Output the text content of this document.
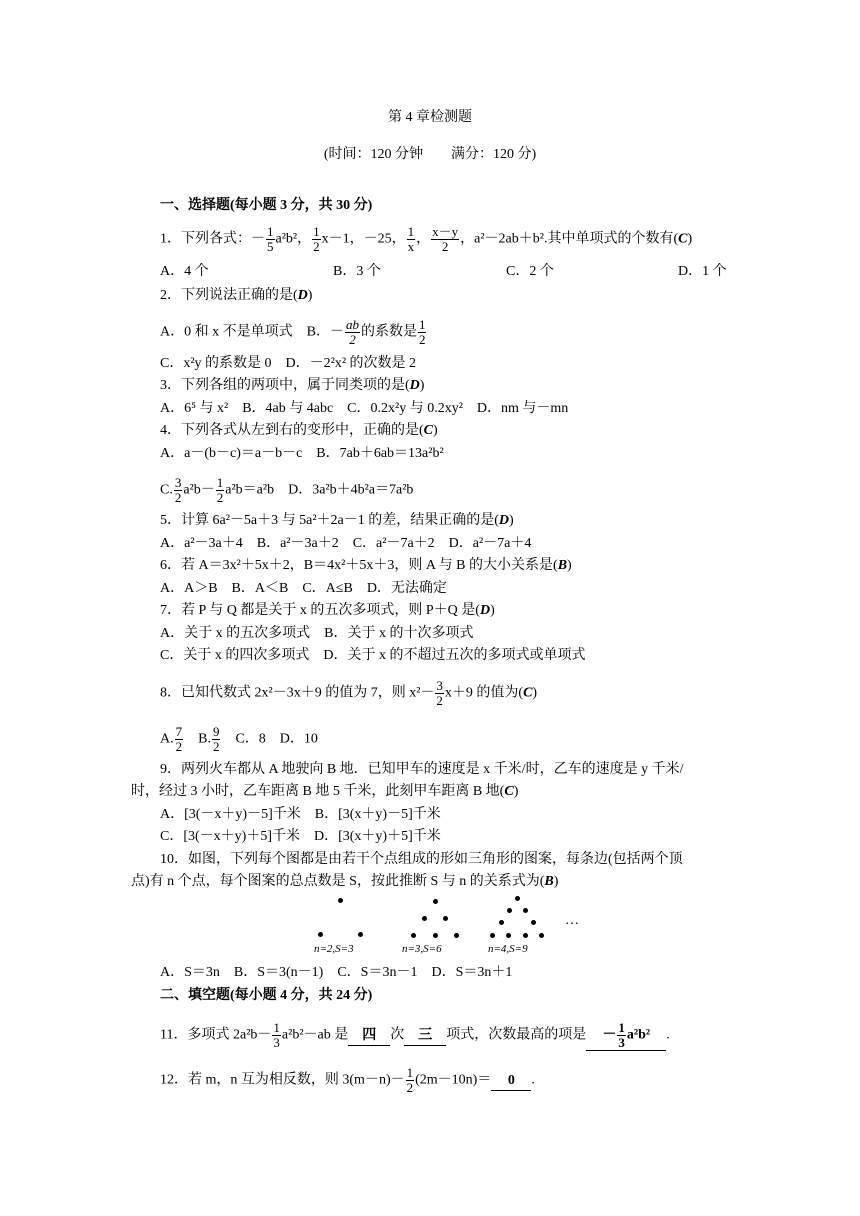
第 4 章检测题
(时间：120 分钟　　满分：120 分)
一、选择题(每小题 3 分，共 30 分)
1．下列各式：－ $\frac{1}{5} a^2b^2$， $\frac{1}{2} x-1$，－25， $\frac{1}{x}$ ， $\frac{x-y}{2}$ ，a²－2ab＋b².其中单项式的个数有(C)
A．4 个	B．3 个	C．2 个	D．1 个
2．下列说法正确的是(D)
A．0 和 x 不是单项式　B．－ $\frac{ab}{2}$ 的系数是 $\frac{1}{2}$
C．x²y 的系数是 0　D．－2²x² 的次数是 2
3．下列各组的两项中，属于同类项的是(D)
A．6⁵ 与 x²　B．4ab 与 4abc　C．0.2x²y 与 0.2xy²　D．nm 与－mn
4．下列各式从左到右的变形中，正确的是(C)
A．a－(b－c)＝a－b－c　B．7ab＋6ab＝13a²b²
C. $\frac{3}{2} a^2b- \frac{1}{2} a^2b=a^2b$　D．3a²b＋4b²a＝7a²b
5．计算 6a²－5a＋3 与 5a²＋2a－1 的差，结果正确的是(D)
A．a²－3a＋4　B．a²－3a＋2　C．a²－7a＋2　D．a²－7a＋4
6．若 A＝3x²＋5x＋2，B＝4x²＋5x＋3，则 A 与 B 的大小关系是(B)
A．A＞B　B．A＜B　C．A≤B　D．无法确定
7．若 P 与 Q 都是关于 x 的五次多项式，则 P＋Q 是(D)
A．关于 x 的五次多项式　B．关于 x 的十次多项式
C．关于 x 的四次多项式　D．关于 x 的不超过五次的多项式或单项式
8．已知代数式 2x²－3x＋9 的值为 7，则 $x^2- \frac{3}{2} x+9$ 的值为(C)
A. $\frac{7}{2}$ 　B. $\frac{9}{2}$ 　C．8　D．10
9．两列火车都从 A 地驶向 B 地．已知甲车的速度是 x 千米/时，乙车的速度是 y 千米/
时，经过 3 小时，乙车距离 B 地 5 千米，此刻甲车距离 B 地(C)
A．[3(－x＋y)－5]千米　B．[3(x＋y)－5]千米
C．[3(－x＋y)＋5]千米　D．[3(x＋y)＋5]千米
10．如图，下列每个图都是由若干个点组成的形如三角形的图案，每条边(包括两个顶
点)有 n 个点，每个图案的总点数是 S，按此推断 S 与 n 的关系式为(B)
n=2,S=3	n=3,S=6	n=4,S=9
…
A．S＝3n　B．S＝3(n－1)　C．S＝3n－1　D．S＝3n＋1
二、填空题(每小题 4 分，共 24 分)
11．多项式 $2a^2b- \frac{1}{3} a^2b^2-ab$ 是 四 次 三 项式，次数最高的项是 － $\frac{1}{3} a^2b^2$ .
12．若 m，n 互为相反数，则 $3(m-n)- \frac{1}{2} (2m-10n)= 0$ .
